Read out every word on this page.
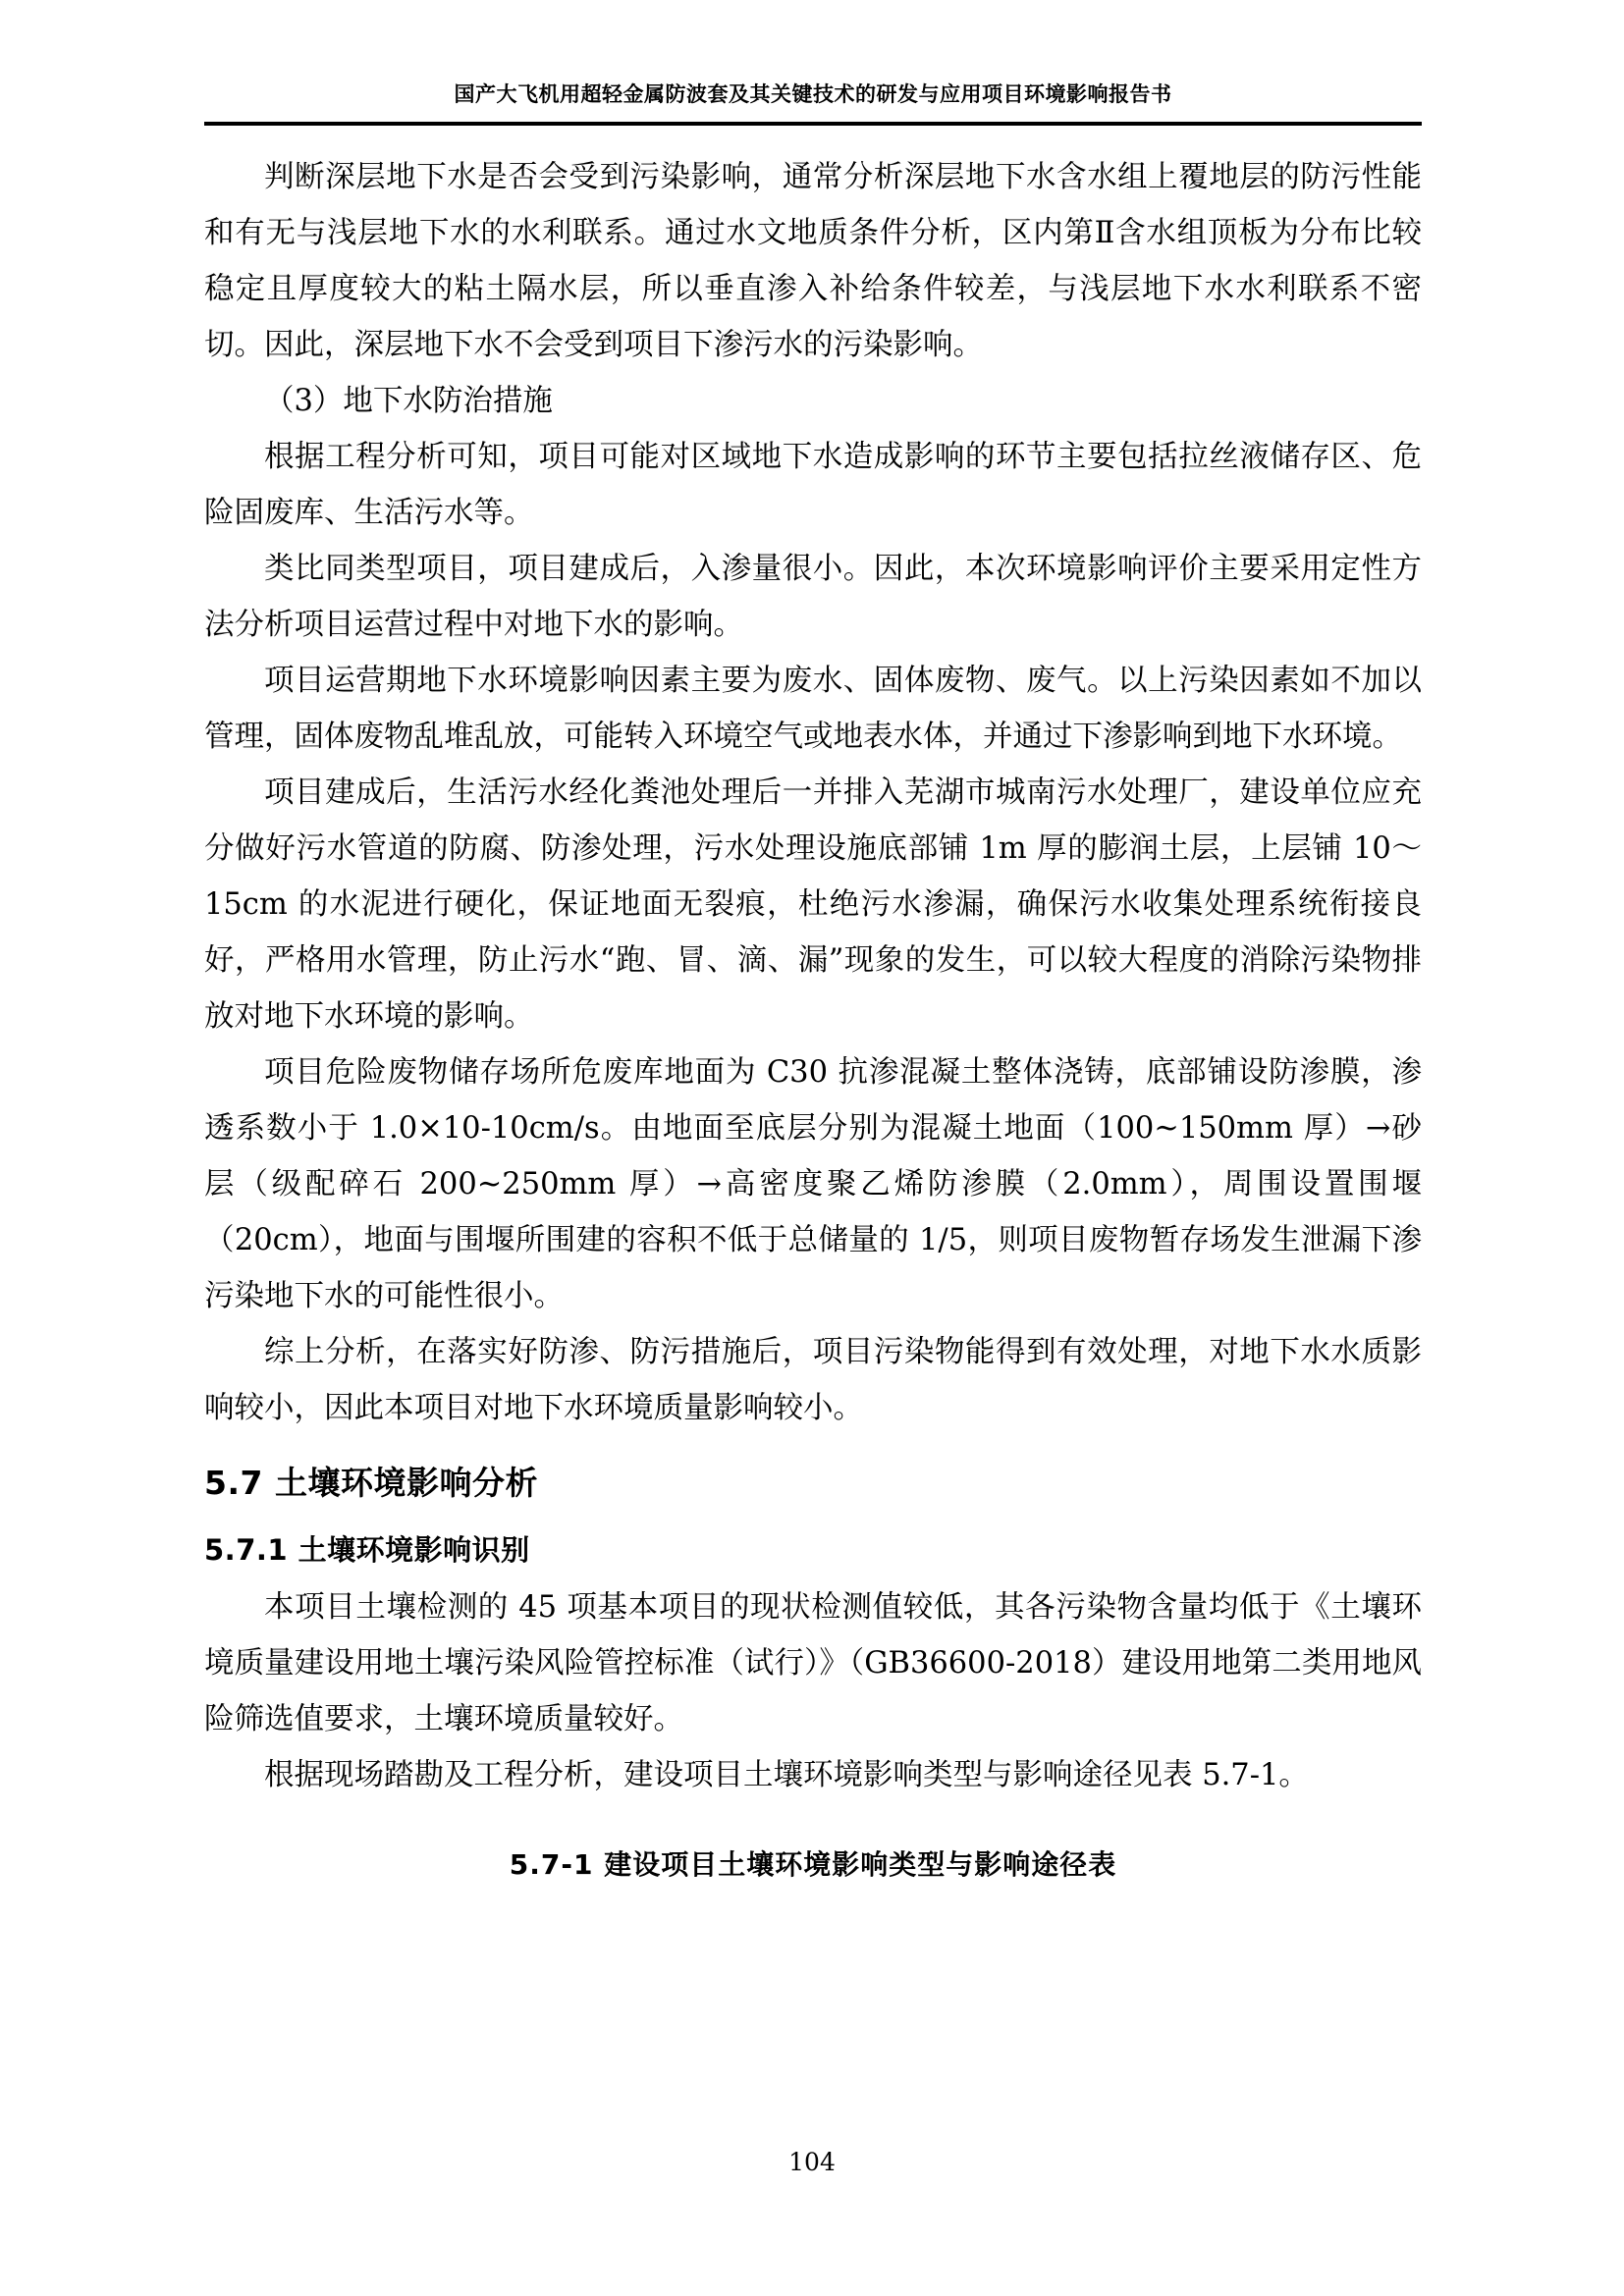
国产大飞机用超轻金属防波套及其关键技术的研发与应用项目环境影响报告书

判断深层地下水是否会受到污染影响，通常分析深层地下水含水组上覆地层的防污性能和有无与浅层地下水的水利联系。通过水文地质条件分析，区内第Ⅱ含水组顶板为分布比较稳定且厚度较大的粘土隔水层，所以垂直渗入补给条件较差，与浅层地下水水利联系不密切。因此，深层地下水不会受到项目下渗污水的污染影响。

（3）地下水防治措施

根据工程分析可知，项目可能对区域地下水造成影响的环节主要包括拉丝液储存区、危险固废库、生活污水等。

类比同类型项目，项目建成后，入渗量很小。因此，本次环境影响评价主要采用定性方法分析项目运营过程中对地下水的影响。

项目运营期地下水环境影响因素主要为废水、固体废物、废气。以上污染因素如不加以管理，固体废物乱堆乱放，可能转入环境空气或地表水体，并通过下渗影响到地下水环境。

项目建成后，生活污水经化粪池处理后一并排入芜湖市城南污水处理厂，建设单位应充分做好污水管道的防腐、防渗处理，污水处理设施底部铺 1m 厚的膨润土层，上层铺 10～15cm 的水泥进行硬化，保证地面无裂痕，杜绝污水渗漏，确保污水收集处理系统衔接良好，严格用水管理，防止污水“跑、冒、滴、漏”现象的发生，可以较大程度的消除污染物排放对地下水环境的影响。

项目危险废物储存场所危废库地面为 C30 抗渗混凝土整体浇铸，底部铺设防渗膜，渗透系数小于 1.0×10-10cm/s。由地面至底层分别为混凝土地面（100~150mm 厚）→砂层（级配碎石 200~250mm 厚）→高密度聚乙烯防渗膜（2.0mm），周围设置围堰（20cm），地面与围堰所围建的容积不低于总储量的 1/5，则项目废物暂存场发生泄漏下渗污染地下水的可能性很小。

综上分析，在落实好防渗、防污措施后，项目污染物能得到有效处理，对地下水水质影响较小，因此本项目对地下水环境质量影响较小。

5.7 土壤环境影响分析

5.7.1 土壤环境影响识别

本项目土壤检测的 45 项基本项目的现状检测值较低，其各污染物含量均低于《土壤环境质量建设用地土壤污染风险管控标准（试行）》（GB36600-2018）建设用地第二类用地风险筛选值要求，土壤环境质量较好。

根据现场踏勘及工程分析，建设项目土壤环境影响类型与影响途径见表 5.7-1。

5.7-1 建设项目土壤环境影响类型与影响途径表

104
